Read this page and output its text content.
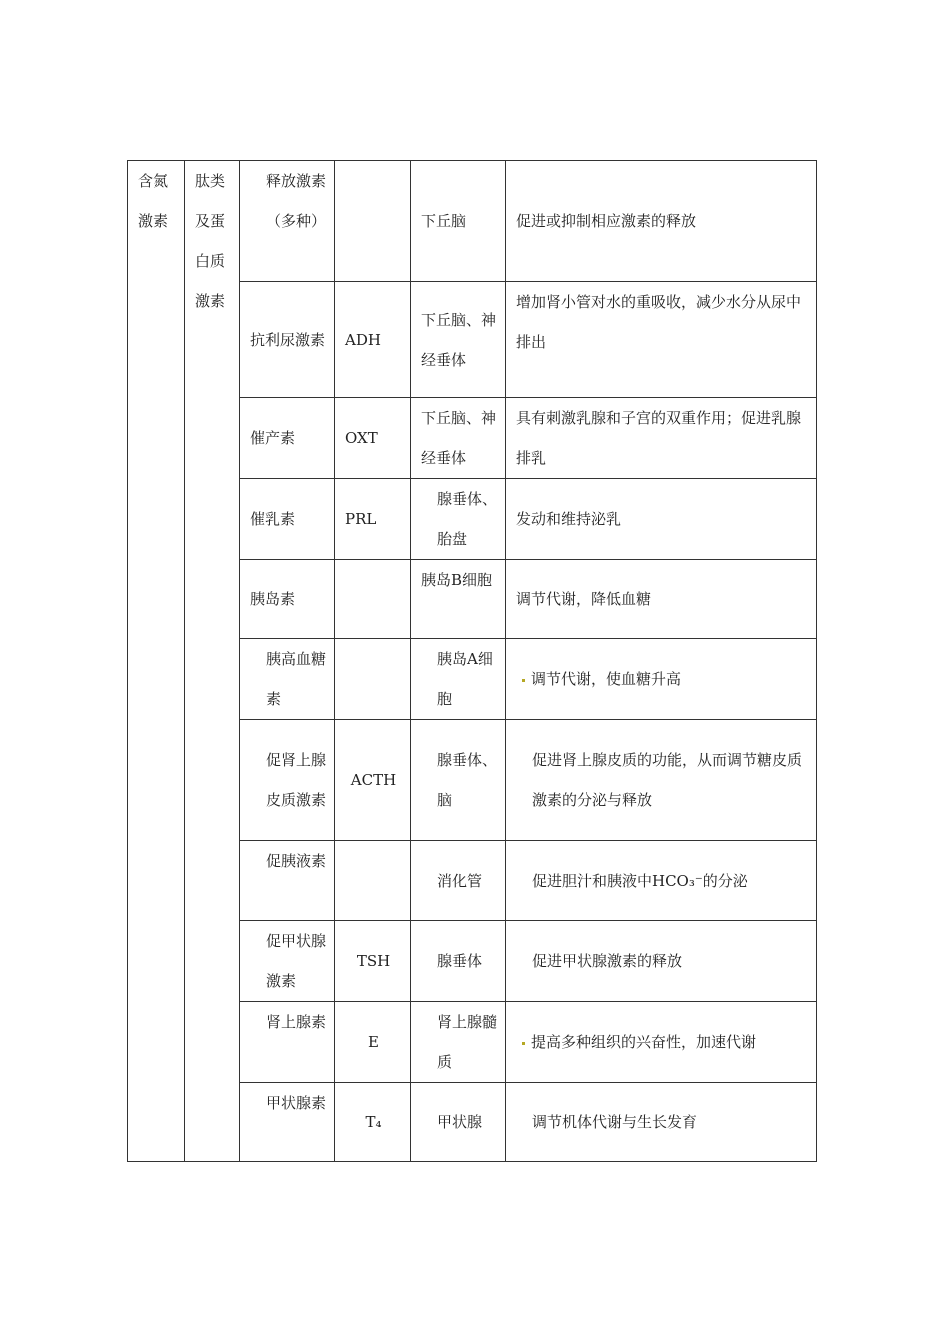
含氮激素	肽类及蛋白质激素	释放激素（多种）		下丘脑	促进或抑制相应激素的释放
		抗利尿激素	ADH	下丘脑、神经垂体	增加肾小管对水的重吸收，减少水分从尿中排出
		催产素	OXT	下丘脑、神经垂体	具有刺激乳腺和子宫的双重作用；促进乳腺排乳
		催乳素	PRL	腺垂体、胎盘	发动和维持泌乳
		胰岛素		胰岛B细胞	调节代谢，降低血糖
		胰高血糖素		胰岛A细胞	调节代谢，使血糖升高
		促肾上腺皮质激素	ACTH	腺垂体、脑	促进肾上腺皮质的功能，从而调节糖皮质激素的分泌与释放
		促胰液素		消化管	促进胆汁和胰液中HCO₃⁻的分泌
		促甲状腺激素	TSH	腺垂体	促进甲状腺激素的释放
		肾上腺素	E	肾上腺髓质	提高多种组织的兴奋性，加速代谢
		甲状腺素	T₄	甲状腺	调节机体代谢与生长发育
